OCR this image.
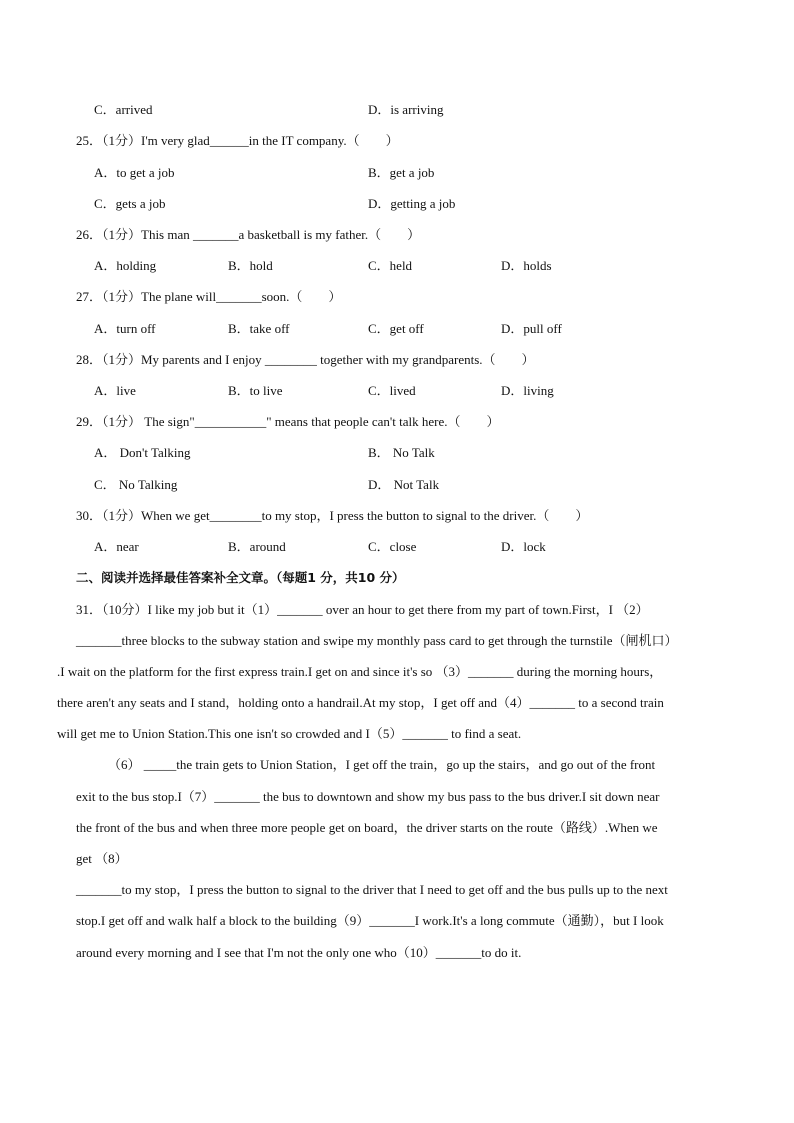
C．arrived	D．is arriving
25．（1分）I'm very glad______in the IT company.（　　）
A．to get a job	B．get a job
C．gets a job	D．getting a job
26．（1分）This man _______a basketball is my father.（　　）
A．holding	B．hold	C．held	D．holds
27．（1分）The plane will_______soon.（　　）
A．turn off	B．take off	C．get off	D．pull off
28．（1分）My parents and I enjoy ________ together with my grandparents.（　　）
A．live	B．to live	C．lived	D．living
29．（1分） The sign"___________" means that people can't talk here.（　　）
A． Don't Talking	B． No Talk
C． No Talking	D． Not Talk
30．（1分）When we get________to my stop，I press the button to signal to the driver.（　　）
A．near	B．around	C．close	D．lock
二、阅读并选择最佳答案补全文章。（每题1 分，共10 分）
31．（10分）I like my job but it（1）_______ over an hour to get there from my part of town.First，I （2）
_______three blocks to the subway station and swipe my monthly pass card to get through the turnstile（闸机口）
.I wait on the platform for the first express train.I get on and since it's so （3）_______ during the morning hours，
there aren't any seats and I stand，holding onto a handrail.At my stop，I get off and（4）_______ to a second train
will get me to Union Station.This one isn't so crowded and I（5）_______ to find a seat.
（6） _____the train gets to Union Station，I get off the train，go up the stairs，and go out of the front
exit to the bus stop.I（7）_______ the bus to downtown and show my bus pass to the bus driver.I sit down near
the front of the bus and when three more people get on board，the driver starts on the route（路线）.When we
get （8）
_______to my stop，I press the button to signal to the driver that I need to get off and the bus pulls up to the next
stop.I get off and walk half a block to the building（9）_______I work.It's a long commute（通勤），but I look
around every morning and I see that I'm not the only one who（10）_______to do it.
